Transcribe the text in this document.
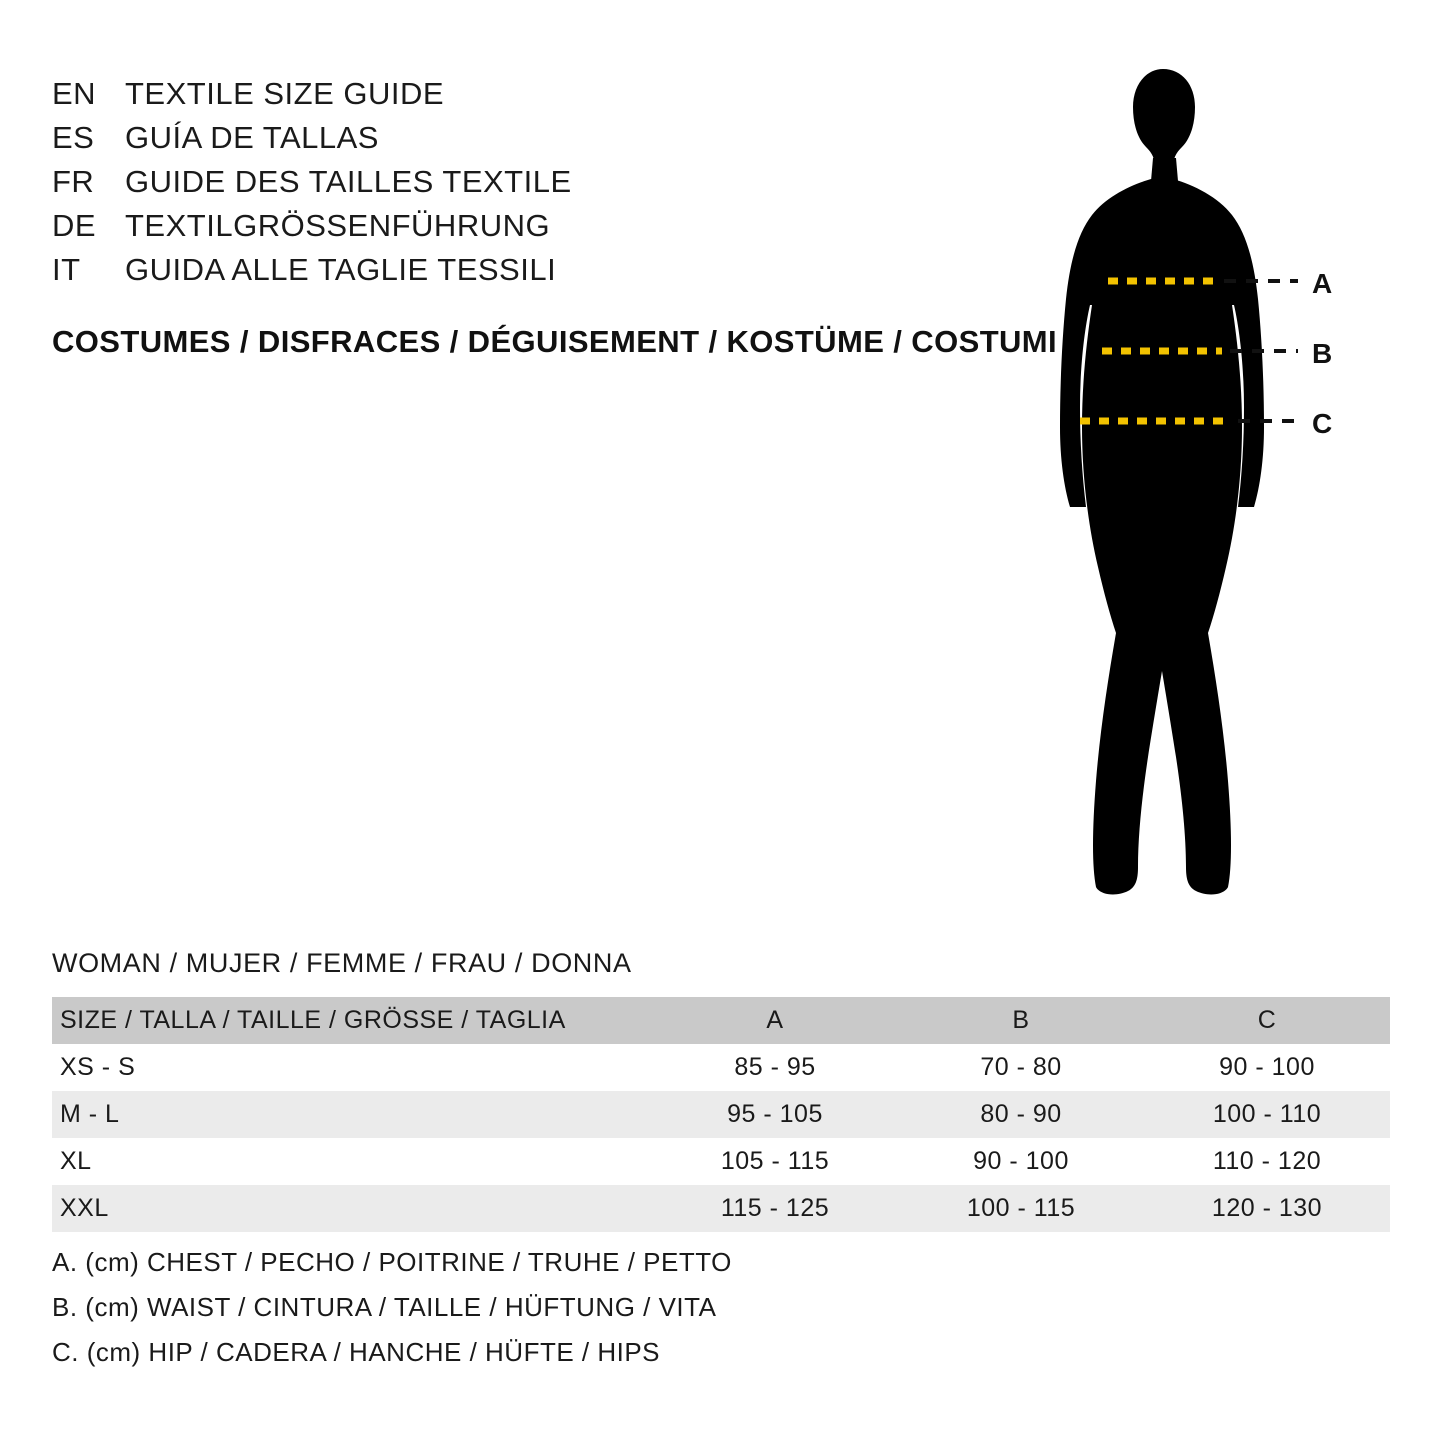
EN TEXTILE SIZE GUIDE
ES GUÍA DE TALLAS
FR GUIDE DES TAILLES TEXTILE
DE TEXTILGRÖSSENFÜHRUNG
IT	GUIDA ALLE TAGLIE TESSILI
COSTUMES / DISFRACES / DÉGUISEMENT / KOSTÜME / COSTUMI
A
B
C
WOMAN / MUJER / FEMME / FRAU / DONNA
SIZE / TALLA / TAILLE / GRÖSSE / TAGLIA	A	B	C
XS - S	85 - 95	70 - 80	90 - 100
M - L	95 - 105	80 - 90	100 - 110
XL	105 - 115	90 - 100	110 - 120
XXL	115 - 125	100 - 115	120 - 130
A. (cm) CHEST / PECHO / POITRINE / TRUHE / PETTO
B. (cm) WAIST / CINTURA / TAILLE / HÜFTUNG / VITA
C. (cm) HIP / CADERA / HANCHE / HÜFTE / HIPS
